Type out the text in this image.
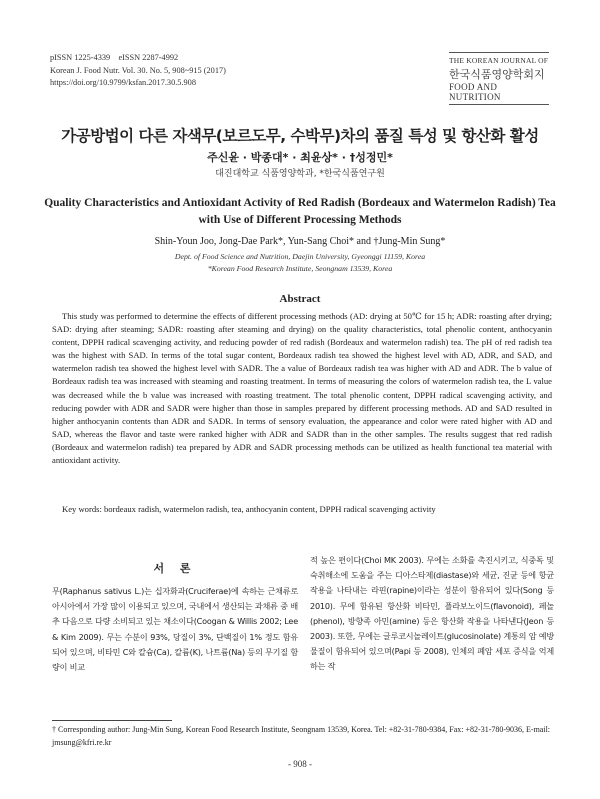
pISSN 1225-4339    eISSN 2287-4992
Korean J. Food Nutr. Vol. 30. No. 5, 908~915 (2017)
https://doi.org/10.9799/ksfan.2017.30.5.908
THE KOREAN JOURNAL OF
한국식품영양학회지
FOOD AND NUTRITION
가공방법이 다른 자색무(보르도무, 수박무)차의 품질 특성 및 항산화 활성
주신윤 · 박종대* · 최윤상* · †성정민*
대진대학교 식품영양학과, *한국식품연구원
Quality Characteristics and Antioxidant Activity of Red Radish (Bordeaux and Watermelon Radish) Tea with Use of Different Processing Methods
Shin-Youn Joo, Jong-Dae Park*, Yun-Sang Choi* and †Jung-Min Sung*
Dept. of Food Science and Nutrition, Daejin University, Gyeonggi 11159, Korea
*Korean Food Research Institute, Seongnam 13539, Korea
Abstract
This study was performed to determine the effects of different processing methods (AD: drying at 50℃ for 15 h; ADR: roasting after drying; SAD: drying after steaming; SADR: roasting after steaming and drying) on the quality characteristics, total phenolic content, anthocyanin content, DPPH radical scavenging activity, and reducing powder of red radish (Bordeaux and watermelon radish) tea. The pH of red radish tea was the highest with SAD. In terms of the total sugar content, Bordeaux radish tea showed the highest level with AD, ADR, and SAD, and watermelon radish tea showed the highest level with SADR. The a value of Bordeaux radish tea was higher with AD and ADR. The b value of Bordeaux radish tea was increased with steaming and roasting treatment. In terms of measuring the colors of watermelon radish tea, the L value was decreased while the b value was increased with roasting treatment. The total phenolic content, DPPH radical scavenging activity, and reducing powder with ADR and SADR were higher than those in samples prepared by different processing methods. AD and SAD resulted in higher anthocyanin contents than ADR and SADR. In terms of sensory evaluation, the appearance and color were rated higher with AD and SAD, whereas the flavor and taste were ranked higher with ADR and SADR than in the other samples. The results suggest that red radish (Bordeaux and watermelon radish) tea prepared by ADR and SADR processing methods can be utilized as health functional tea material with antioxidant activity.
Key words: bordeaux radish, watermelon radish, tea, anthocyanin content, DPPH radical scavenging activity
서 론
무(Raphanus sativus L.)는 십자화과(Cruciferae)에 속하는 근채류로 아시아에서 가장 많이 이용되고 있으며, 국내에서 생산되는 과채류 중 배추 다음으로 다량 소비되고 있는 채소이다(Coogan & Willis 2002; Lee & Kim 2009). 무는 수분이 93%, 당질이 3%, 단백질이 1% 정도 함유되어 있으며, 비타민 C와 칼슘(Ca), 칼륨(K), 나트륨(Na) 등의 무기질 함량이 비교
적 높은 편이다(Choi MK 2003). 무에는 소화를 촉진시키고, 식중독 및 숙취해소에 도움을 주는 디아스타제(diastase)와 세균, 진균 등에 항균 작용을 나타내는 라핀(rapine)이라는 성분이 함유되어 있다(Song 등 2010). 무에 함유된 항산화 비타민, 플라보노이드(flavonoid), 페놀(phenol), 방향족 아민(amine) 등은 항산화 작용을 나타낸다(Jeon 등 2003). 또한, 무에는 글루코시놀레이트(glucosinolate) 계통의 암 예방 물질이 함유되어 있으며(Papi 등 2008), 인체의 폐암 세포 증식을 억제하는 작
† Corresponding author: Jung-Min Sung, Korean Food Research Institute, Seongnam 13539, Korea. Tel: +82-31-780-9384, Fax: +82-31-780-9036, E-mail: jmsung@kfri.re.kr
- 908 -
